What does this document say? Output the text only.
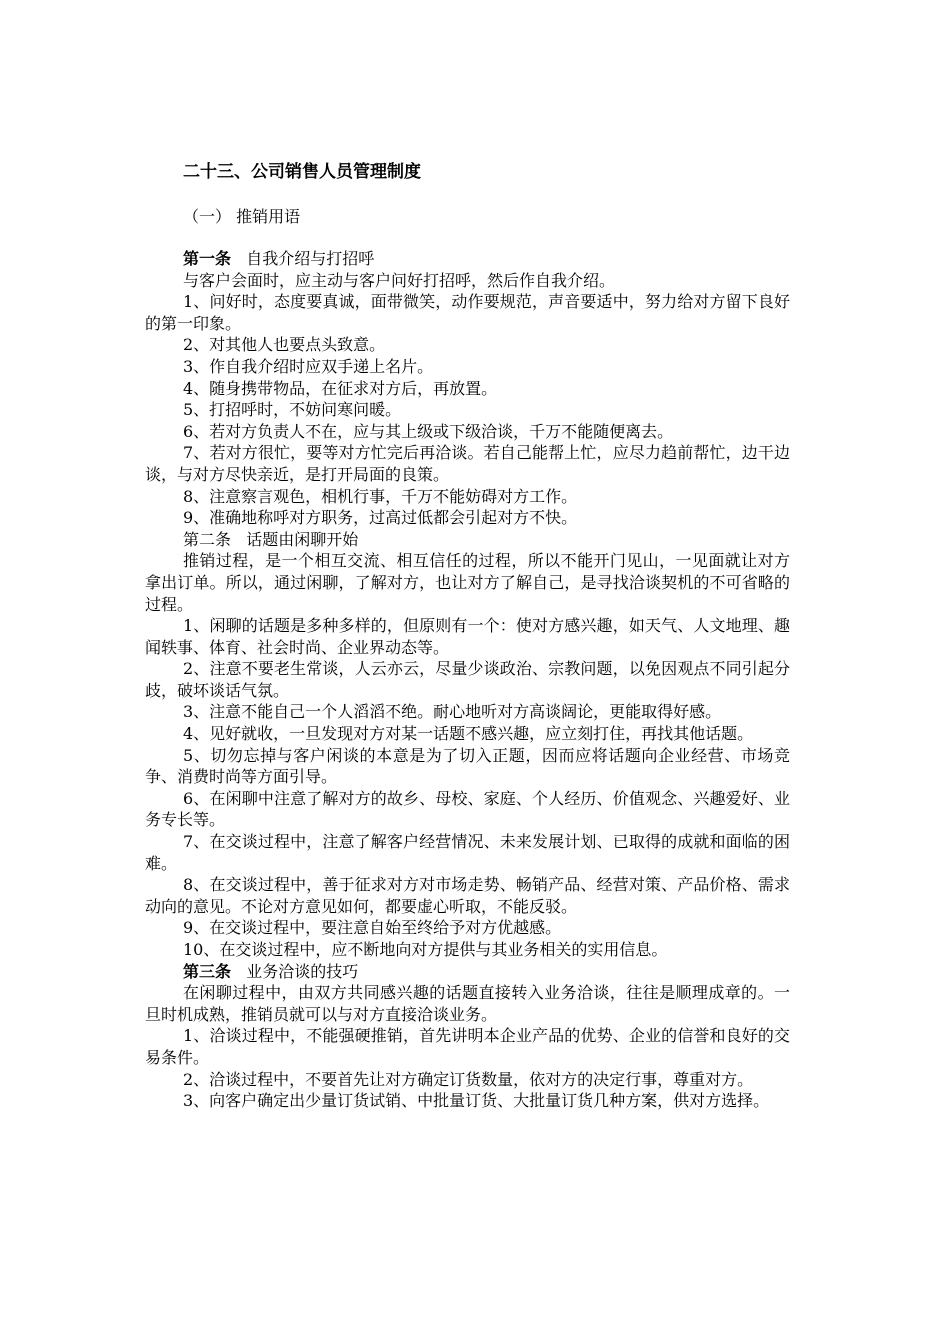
二十三、公司销售人员管理制度
（一） 推销用语

第一条 自我介绍与打招呼

与客户会面时，应主动与客户问好打招呼，然后作自我介绍。

1、问好时，态度要真诚，面带微笑，动作要规范，声音要适中，努力给对方留下良好的第一印象。

2、对其他人也要点头致意。

3、作自我介绍时应双手递上名片。

4、随身携带物品，在征求对方后，再放置。

5、打招呼时，不妨问寒问暖。

6、若对方负责人不在，应与其上级或下级洽谈，千万不能随便离去。

7、若对方很忙，要等对方忙完后再洽谈。若自己能帮上忙，应尽力趋前帮忙，边干边谈，与对方尽快亲近，是打开局面的良策。

8、注意察言观色，相机行事，千万不能妨碍对方工作。

9、准确地称呼对方职务，过高过低都会引起对方不快。

第二条 话题由闲聊开始

推销过程，是一个相互交流、相互信任的过程，所以不能开门见山，一见面就让对方拿出订单。所以，通过闲聊，了解对方，也让对方了解自己，是寻找洽谈契机的不可省略的过程。

1、闲聊的话题是多种多样的，但原则有一个：使对方感兴趣，如天气、人文地理、趣闻轶事、体育、社会时尚、企业界动态等。

2、注意不要老生常谈，人云亦云，尽量少谈政治、宗教问题，以免因观点不同引起分歧，破坏谈话气氛。

3、注意不能自己一个人滔滔不绝。耐心地听对方高谈阔论，更能取得好感。

4、见好就收，一旦发现对方对某一话题不感兴趣，应立刻打住，再找其他话题。

5、切勿忘掉与客户闲谈的本意是为了切入正题，因而应将话题向企业经营、市场竞争、消费时尚等方面引导。

6、在闲聊中注意了解对方的故乡、母校、家庭、个人经历、价值观念、兴趣爱好、业务专长等。

7、在交谈过程中，注意了解客户经营情况、未来发展计划、已取得的成就和面临的困难。

8、在交谈过程中，善于征求对方对市场走势、畅销产品、经营对策、产品价格、需求动向的意见。不论对方意见如何，都要虚心听取，不能反驳。

9、在交谈过程中，要注意自始至终给予对方优越感。

10、在交谈过程中，应不断地向对方提供与其业务相关的实用信息。

第三条 业务洽谈的技巧

在闲聊过程中，由双方共同感兴趣的话题直接转入业务洽谈，往往是顺理成章的。一旦时机成熟，推销员就可以与对方直接洽谈业务。

1、洽谈过程中，不能强硬推销，首先讲明本企业产品的优势、企业的信誉和良好的交易条件。

2、洽谈过程中，不要首先让对方确定订货数量，依对方的决定行事，尊重对方。

3、向客户确定出少量订货试销、中批量订货、大批量订货几种方案，供对方选择。
